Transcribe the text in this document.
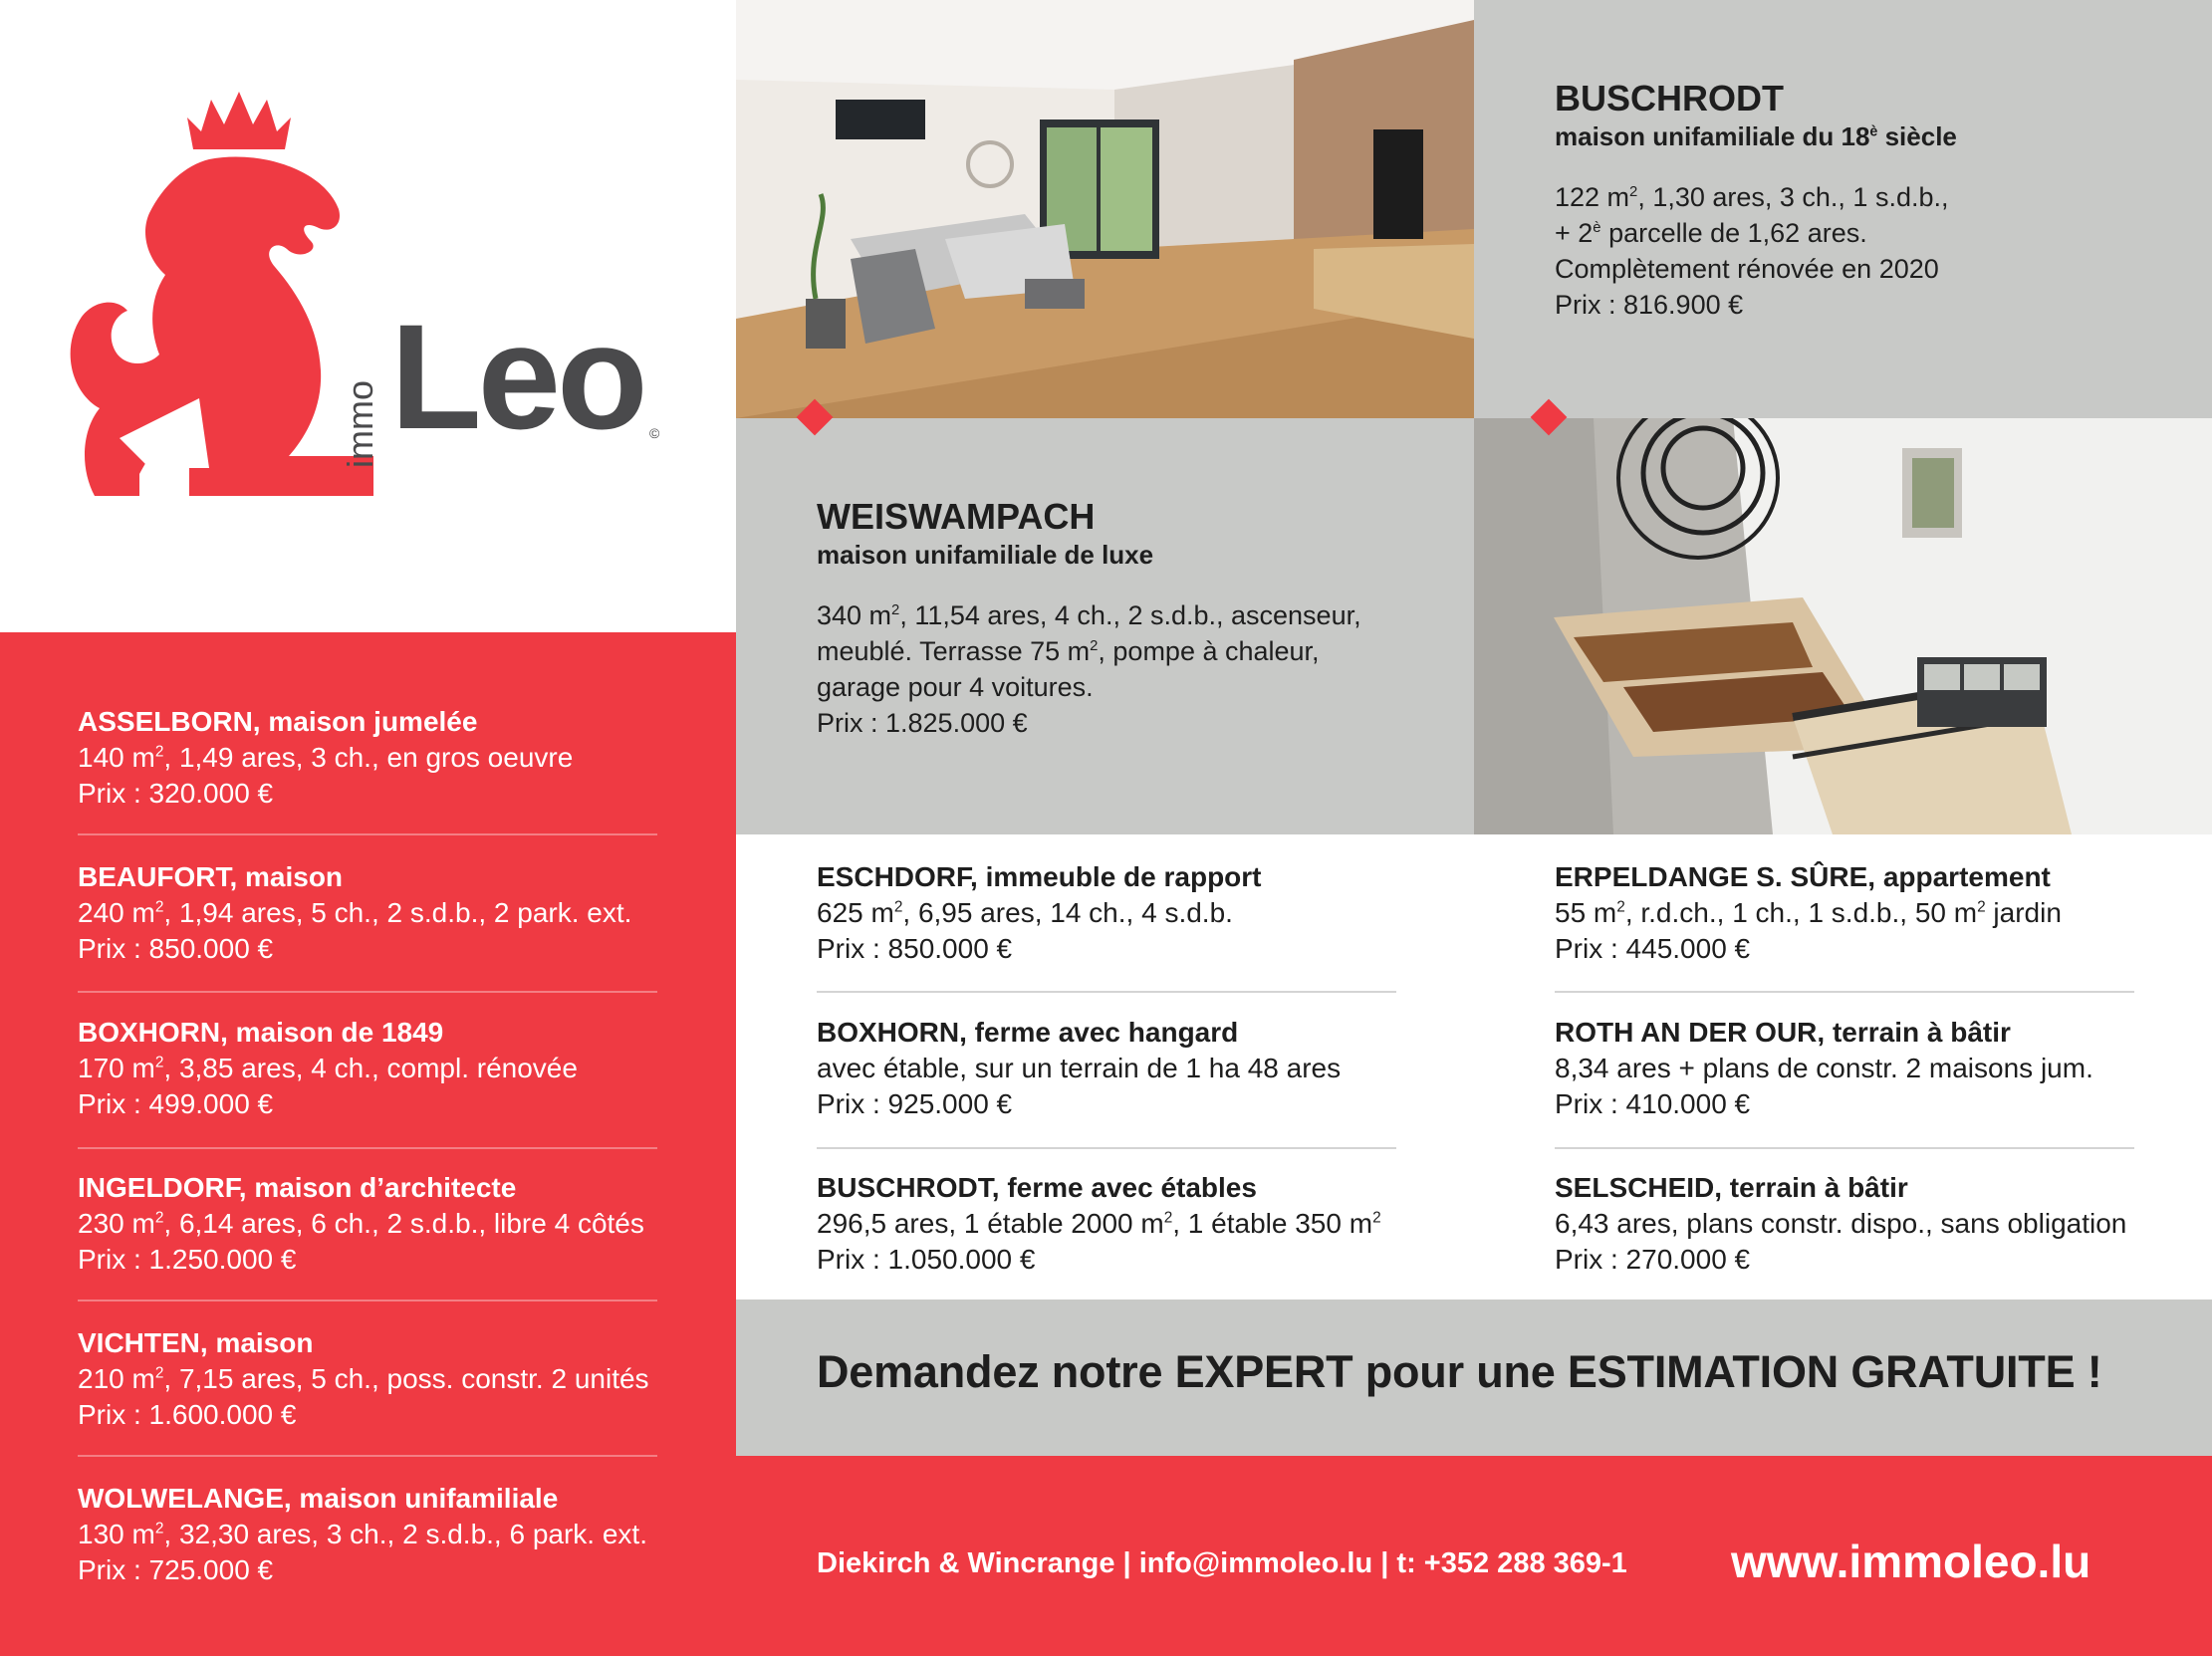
immo Leo ©
ASSELBORN, maison jumelée
140 $m^2$, 1,49 ares, 3 ch., en gros oeuvre
Prix : 320.000 €
BEAUFORT, maison
240 $m^2$, 1,94 ares, 5 ch., 2 s.d.b., 2 park. ext.
Prix : 850.000 €
BOXHORN, maison de 1849
170 $m^2$, 3,85 ares, 4 ch., compl. rénovée
Prix : 499.000 €
INGELDORF, maison d’architecte
230 $m^2$, 6,14 ares, 6 ch., 2 s.d.b., libre 4 côtés
Prix : 1.250.000 €
VICHTEN, maison
210 $m^2$, 7,15 ares, 5 ch., poss. constr. 2 unités
Prix : 1.600.000 €
WOLWELANGE, maison unifamiliale
130 $m^2$, 32,30 ares, 3 ch., 2 s.d.b., 6 park. ext.
Prix : 725.000 €
BUSCHRODT
maison unifamiliale du $18^è$ siècle
122 $m^2$, 1,30 ares, 3 ch., 1 s.d.b.,
+ $2^è$ parcelle de 1,62 ares.
Complètement rénovée en 2020
Prix : 816.900 €
WEISWAMPACH
maison unifamiliale de luxe
340 $m^2$, 11,54 ares, 4 ch., 2 s.d.b., ascenseur,
meublé. Terrasse 75 $m^2$, pompe à chaleur,
garage pour 4 voitures.
Prix : 1.825.000 €
ESCHDORF, immeuble de rapport
625 $m^2$, 6,95 ares, 14 ch., 4 s.d.b.
Prix : 850.000 €
BOXHORN, ferme avec hangard
avec étable, sur un terrain de 1 ha 48 ares
Prix : 925.000 €
BUSCHRODT, ferme avec étables
296,5 ares, 1 étable 2000 $m^2$, 1 étable 350 $m^2$
Prix : 1.050.000 €
ERPELDANGE S. SÛRE, appartement
55 $m^2$, r.d.ch., 1 ch., 1 s.d.b., 50 $m^2$ jardin
Prix : 445.000 €
ROTH AN DER OUR, terrain à bâtir
8,34 ares + plans de constr. 2 maisons jum.
Prix : 410.000 €
SELSCHEID, terrain à bâtir
6,43 ares, plans constr. dispo., sans obligation
Prix : 270.000 €
Demandez notre EXPERT pour une ESTIMATION GRATUITE !
Diekirch & Wincrange | info@immoleo.lu | t: +352 288 369-1 www.immoleo.lu
